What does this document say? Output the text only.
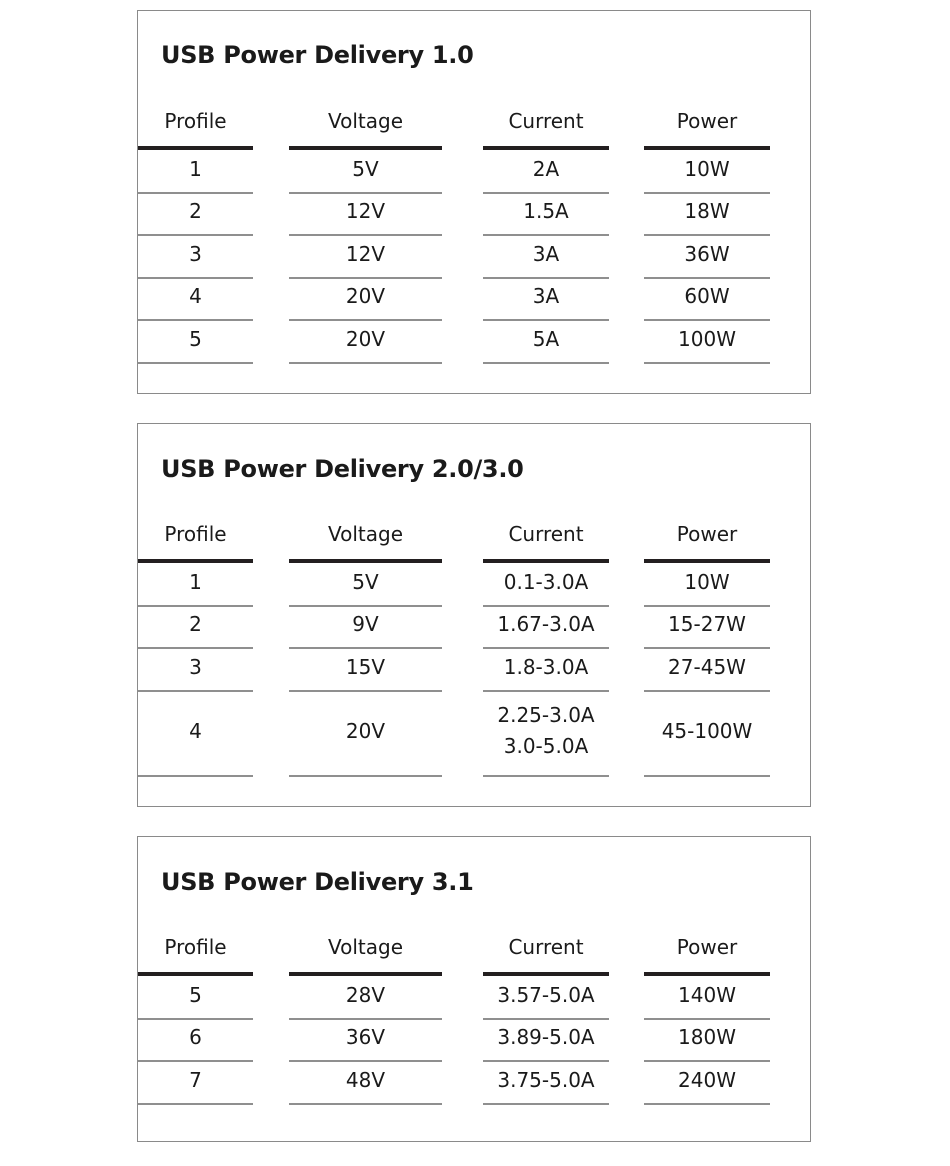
USB Power Delivery 1.0
Profile
1
2
3
4
5
Voltage
5V
12V
12V
20V
20V
Current
2A
1.5A
3A
3A
5A
Power
10W
18W
36W
60W
100W
USB Power Delivery 2.0/3.0
Profile
1
2
3
4
Voltage
5V
9V
15V
20V
Current
0.1-3.0A
1.67-3.0A
1.8-3.0A
2.25-3.0A
3.0-5.0A
Power
10W
15-27W
27-45W
45-100W
USB Power Delivery 3.1
Profile
5
6
7
Voltage
28V
36V
48V
Current
3.57-5.0A
3.89-5.0A
3.75-5.0A
Power
140W
180W
240W
